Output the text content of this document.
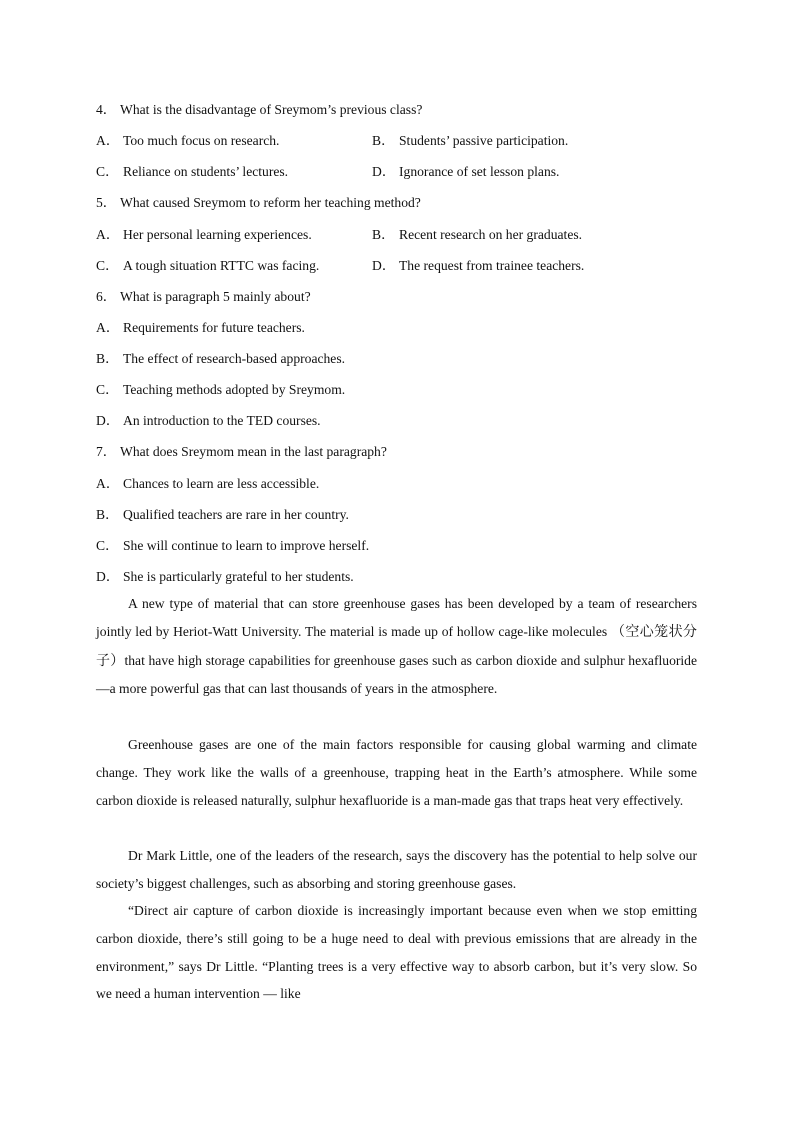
4． What is the disadvantage of Sreymom’s previous class?
A． Too much focus on research.	B． Students’ passive participation.
C． Reliance on students’ lectures.	D． Ignorance of set lesson plans.
5． What caused Sreymom to reform her teaching method?
A． Her personal learning experiences.	B． Recent research on her graduates.
C． A tough situation RTTC was facing.	D． The request from trainee teachers.
6． What is paragraph 5 mainly about?
A． Requirements for future teachers.
B． The effect of research-based approaches.
C． Teaching methods adopted by Sreymom.
D． An introduction to the TED courses.
7． What does Sreymom mean in the last paragraph?
A． Chances to learn are less accessible.
B． Qualified teachers are rare in her country.
C． She will continue to learn to improve herself.
D． She is particularly grateful to her students.

A new type of material that can store greenhouse gases has been developed by a team of researchers jointly led by Heriot-Watt University. The material is made up of hollow cage-like molecules （空心笼状分子）that have high storage capabilities for greenhouse gases such as carbon dioxide and sulphur hexafluoride —a more powerful gas that can last thousands of years in the atmosphere.

Greenhouse gases are one of the main factors responsible for causing global warming and climate change. They work like the walls of a greenhouse, trapping heat in the Earth’s atmosphere. While some carbon dioxide is released naturally, sulphur hexafluoride is a man-made gas that traps heat very effectively.

Dr Mark Little, one of the leaders of the research, says the discovery has the potential to help solve our society’s biggest challenges, such as absorbing and storing greenhouse gases.

“Direct air capture of carbon dioxide is increasingly important because even when we stop emitting carbon dioxide, there’s still going to be a huge need to deal with previous emissions that are already in the environment,” says Dr Little. “Planting trees is a very effective way to absorb carbon, but it’s very slow. So we need a human intervention — like
